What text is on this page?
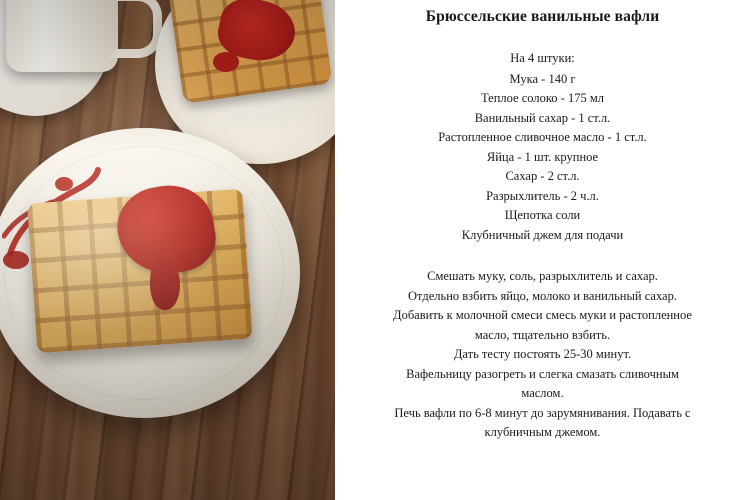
Брюссельские ванильные вафли
На 4 штуки:
Мука - 140 г
Теплое солоко - 175 мл
Ванильный сахар - 1 ст.л.
Растопленное сливочное масло - 1 ст.л.
Яйца - 1 шт. крупное
Сахар - 2 ст.л.
Разрыхлитель - 2 ч.л.
Щепотка соли
Клубничный джем для подачи

Смешать муку, соль, разрыхлитель и сахар.

Отдельно взбить яйцо, молоко и ванильный сахар.

Добавить к молочной смеси смесь муки и растопленное

масло, тщательно взбить.

Дать тесту постоять 25-30 минут.

Вафельницу разогреть и слегка смазать сливочным

маслом.

Печь вафли по 6-8 минут до зарумянивания. Подавать с

клубничным джемом.
